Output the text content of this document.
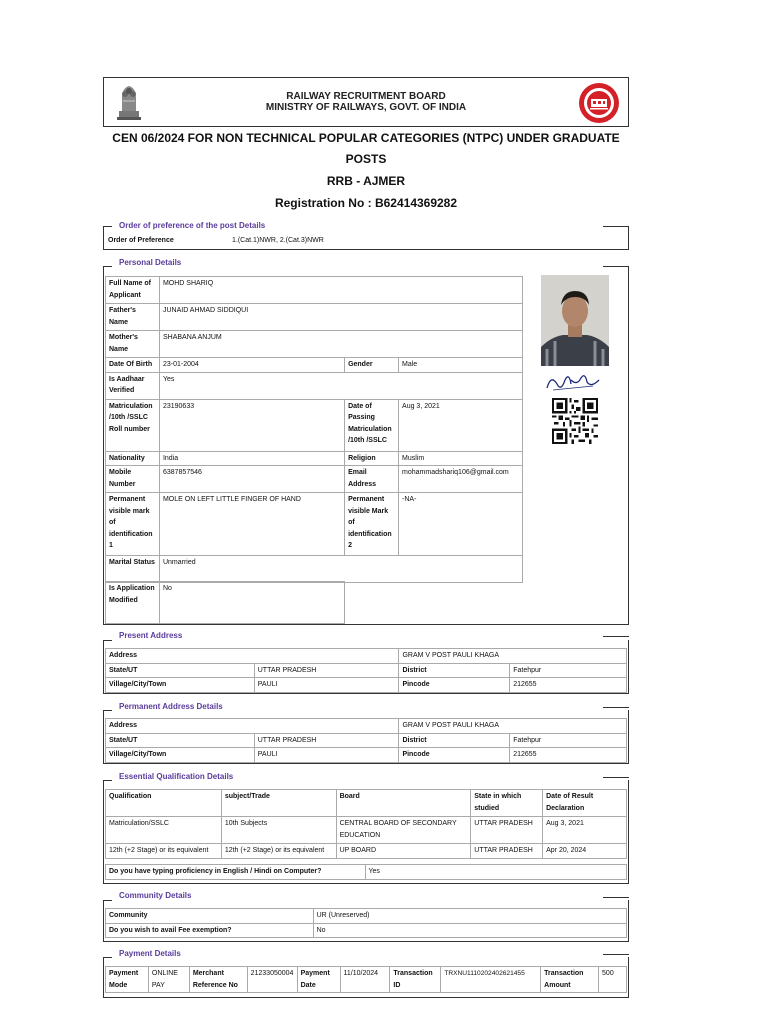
RAILWAY RECRUITMENT BOARD
MINISTRY OF RAILWAYS, GOVT. OF INDIA
CEN 06/2024 FOR NON TECHNICAL POPULAR CATEGORIES (NTPC) UNDER GRADUATE
POSTS
RRB - AJMER
Registration No : B62414369282
Order of preference of the post Details
Order of Preference	1.(Cat.1)NWR, 2.(Cat.3)NWR
Personal Details
Full Name of Applicant	MOHD SHARIQ		
Father's Name	JUNAID AHMAD SIDDIQUI		
Mother's Name	SHABANA ANJUM		
Date Of Birth	23-01-2004	Gender	Male
Is Aadhaar Verified	Yes		
Matriculation /10th /SSLC Roll number	23190633	Date of Passing Matriculation /10th /SSLC	Aug 3, 2021
Nationality	India	Religion	Muslim
Mobile Number	6387857546	Email Address	mohammadshariq106@gmail.com
Permanent visible mark of identification 1	MOLE ON LEFT LITTLE FINGER OF HAND	Permanent visible Mark of identification 2	-NA-
Marital Status	Unmarried		
Is Application Modified	No
Present Address
Address		GRAM V POST PAULI KHAGA	
State/UT	UTTAR PRADESH	District	Fatehpur
Village/City/Town	PAULI	Pincode	212655
Permanent Address Details
Address		GRAM V POST PAULI KHAGA	
State/UT	UTTAR PRADESH	District	Fatehpur
Village/City/Town	PAULI	Pincode	212655
Essential Qualification Details
Qualification	subject/Trade	Board	State in which studied	Date of Result Declaration
Matriculation/SSLC	10th Subjects	CENTRAL BOARD OF SECONDARY EDUCATION	UTTAR PRADESH	Aug 3, 2021
12th (+2 Stage) or its equivalent	12th (+2 Stage) or its equivalent	UP BOARD	UTTAR PRADESH	Apr 20, 2024
Do you have typing proficiency in English / Hindi on Computer?	Yes
Community Details
Community	UR (Unreserved)
Do you wish to avail Fee exemption?	No
Payment Details
Payment Mode	ONLINE PAY	Merchant Reference No	21233050004	Payment Date	11/10/2024	Transaction ID	TRXNU1110202402621455	Transaction Amount	500
